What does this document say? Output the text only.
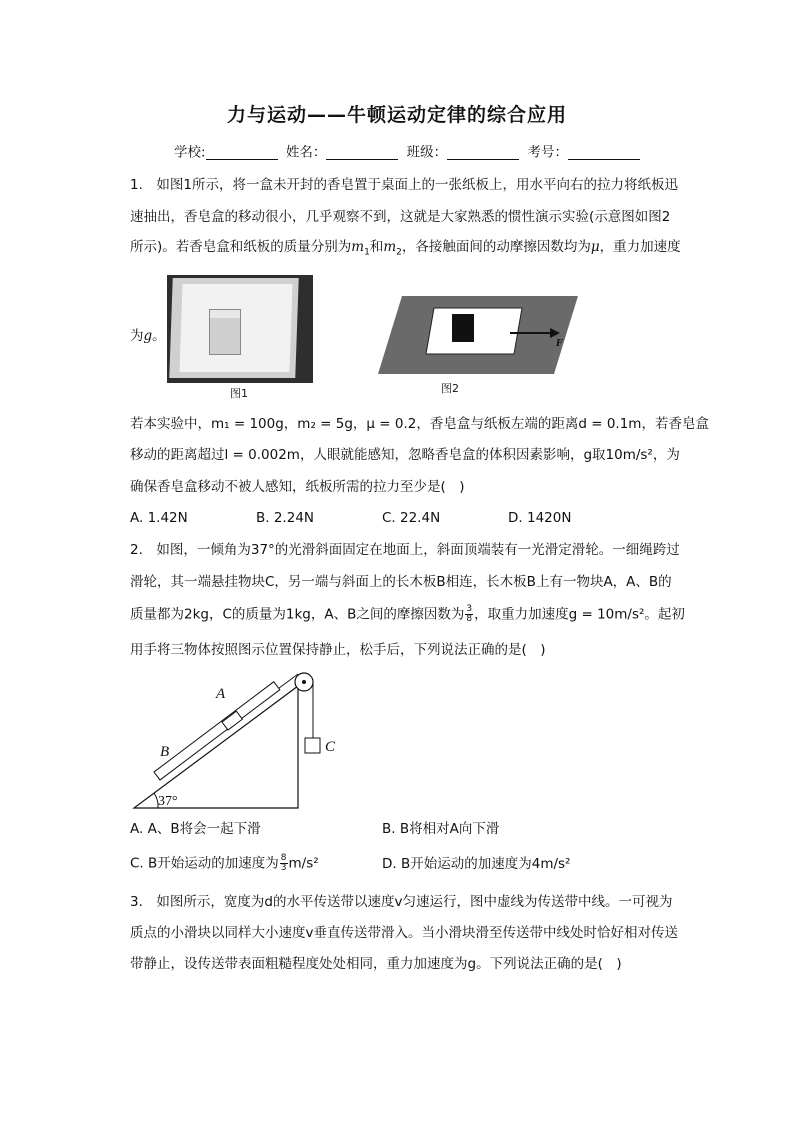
力与运动——牛顿运动定律的综合应用
学校:	姓名：	班级：	考号：
1.　如图1所示，将一盒未开封的香皂置于桌面上的一张纸板上，用水平向右的拉力将纸板迅
速抽出，香皂盒的移动很小，几乎观察不到，这就是大家熟悉的惯性演示实验(示意图如图2
所示)。若香皂盒和纸板的质量分别为$m_1$和$m_2$，各接触面间的动摩擦因数均为μ，重力加速度
为g。
图1
F
图2
若本实验中，m₁ = 100g，m₂ = 5g，μ = 0.2，香皂盒与纸板左端的距离d = 0.1m，若香皂盒
移动的距离超过l = 0.002m，人眼就能感知，忽略香皂盒的体积因素影响，g取10m/s²，为
确保香皂盒移动不被人感知，纸板所需的拉力至少是(　)
A. 1.42N	B. 2.24N	C. 22.4N	D. 1420N
2.　如图，一倾角为37°的光滑斜面固定在地面上，斜面顶端装有一光滑定滑轮。一细绳跨过
滑轮，其一端悬挂物块C，另一端与斜面上的长木板B相连，长木板B上有一物块A，A、B的
质量都为2kg，C的质量为1kg，A、B之间的摩擦因数为 $\frac{3}{8}$ ，取重力加速度g = 10m/s²。起初
用手将三物体按照图示位置保持静止，松手后，下列说法正确的是(　)
A
B	C
37°
A. A、B将会一起下滑	B. B将相对A向下滑
C. B开始运动的加速度为 $\frac{8}{3} m/s^2$	D. B开始运动的加速度为4m/s²
3.　如图所示，宽度为d的水平传送带以速度v匀速运行，图中虚线为传送带中线。一可视为
质点的小滑块以同样大小速度v垂直传送带滑入。当小滑块滑至传送带中线处时恰好相对传送
带静止，设传送带表面粗糙程度处处相同，重力加速度为g。下列说法正确的是(　)
